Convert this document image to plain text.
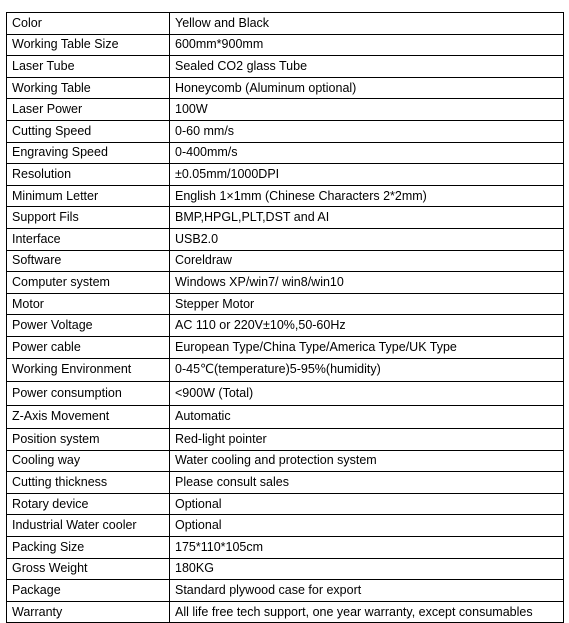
Color	Yellow and Black
Working Table Size	600mm*900mm
Laser Tube	Sealed CO2 glass Tube
Working Table	Honeycomb (Aluminum optional)
Laser Power	100W
Cutting Speed	0-60 mm/s
Engraving Speed	0-400mm/s
Resolution	±0.05mm/1000DPI
Minimum Letter	English 1×1mm (Chinese Characters 2*2mm)
Support Fils	BMP,HPGL,PLT,DST and AI
Interface	USB2.0
Software	Coreldraw
Computer system	Windows XP/win7/ win8/win10
Motor	Stepper Motor
Power Voltage	AC 110 or 220V±10%,50-60Hz
Power cable	European Type/China Type/America Type/UK Type
Working Environment	0-45℃(temperature)5-95%(humidity)
Power consumption	<900W (Total)
Z-Axis Movement	Automatic
Position system	Red-light pointer
Cooling way	Water cooling and protection system
Cutting thickness	Please consult sales
Rotary device	Optional
Industrial Water cooler	Optional
Packing Size	175*110*105cm
Gross Weight	180KG
Package	Standard plywood case for export
Warranty	All life free tech support, one year warranty, except consumables
